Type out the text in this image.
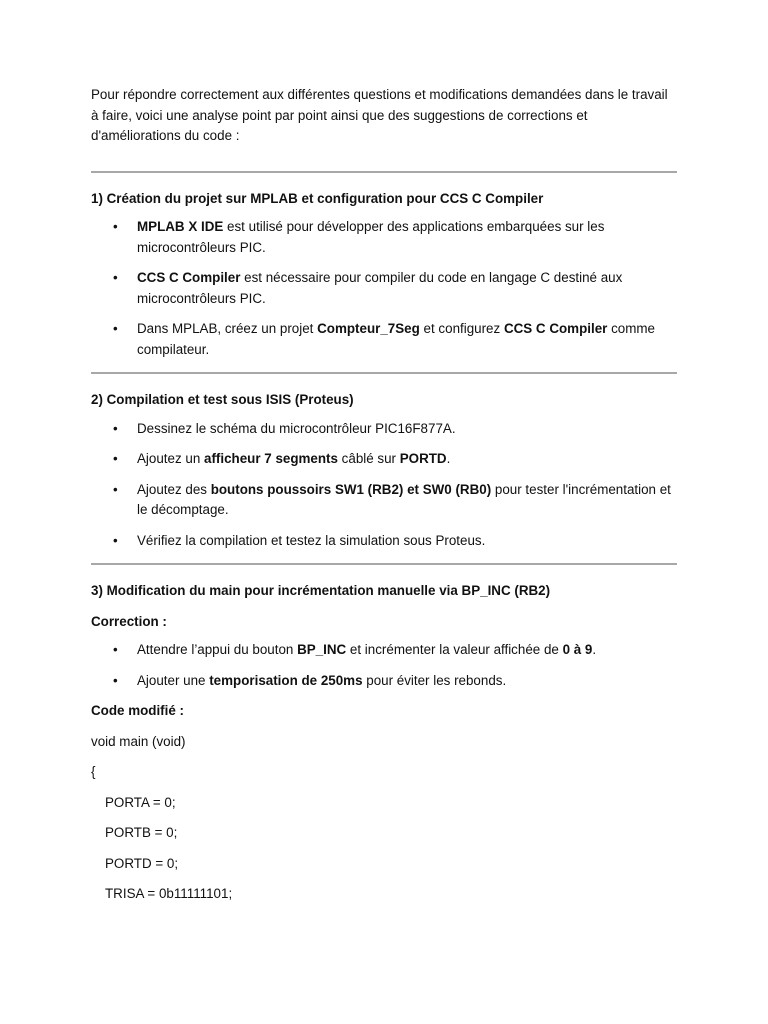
Pour répondre correctement aux différentes questions et modifications demandées dans le travail à faire, voici une analyse point par point ainsi que des suggestions de corrections et d'améliorations du code :

1) Création du projet sur MPLAB et configuration pour CCS C Compiler

• MPLAB X IDE est utilisé pour développer des applications embarquées sur les microcontrôleurs PIC.
• CCS C Compiler est nécessaire pour compiler du code en langage C destiné aux microcontrôleurs PIC.
• Dans MPLAB, créez un projet Compteur_7Seg et configurez CCS C Compiler comme compilateur.

2) Compilation et test sous ISIS (Proteus)

• Dessinez le schéma du microcontrôleur PIC16F877A.
• Ajoutez un afficheur 7 segments câblé sur PORTD.
• Ajoutez des boutons poussoirs SW1 (RB2) et SW0 (RB0) pour tester l'incrémentation et le décomptage.
• Vérifiez la compilation et testez la simulation sous Proteus.

3) Modification du main pour incrémentation manuelle via BP_INC (RB2)

Correction :

• Attendre l’appui du bouton BP_INC et incrémenter la valeur affichée de 0 à 9.
• Ajouter une temporisation de 250ms pour éviter les rebonds.

Code modifié :

void main (void)

{

PORTA = 0;

PORTB = 0;

PORTD = 0;

TRISA = 0b11111101;
